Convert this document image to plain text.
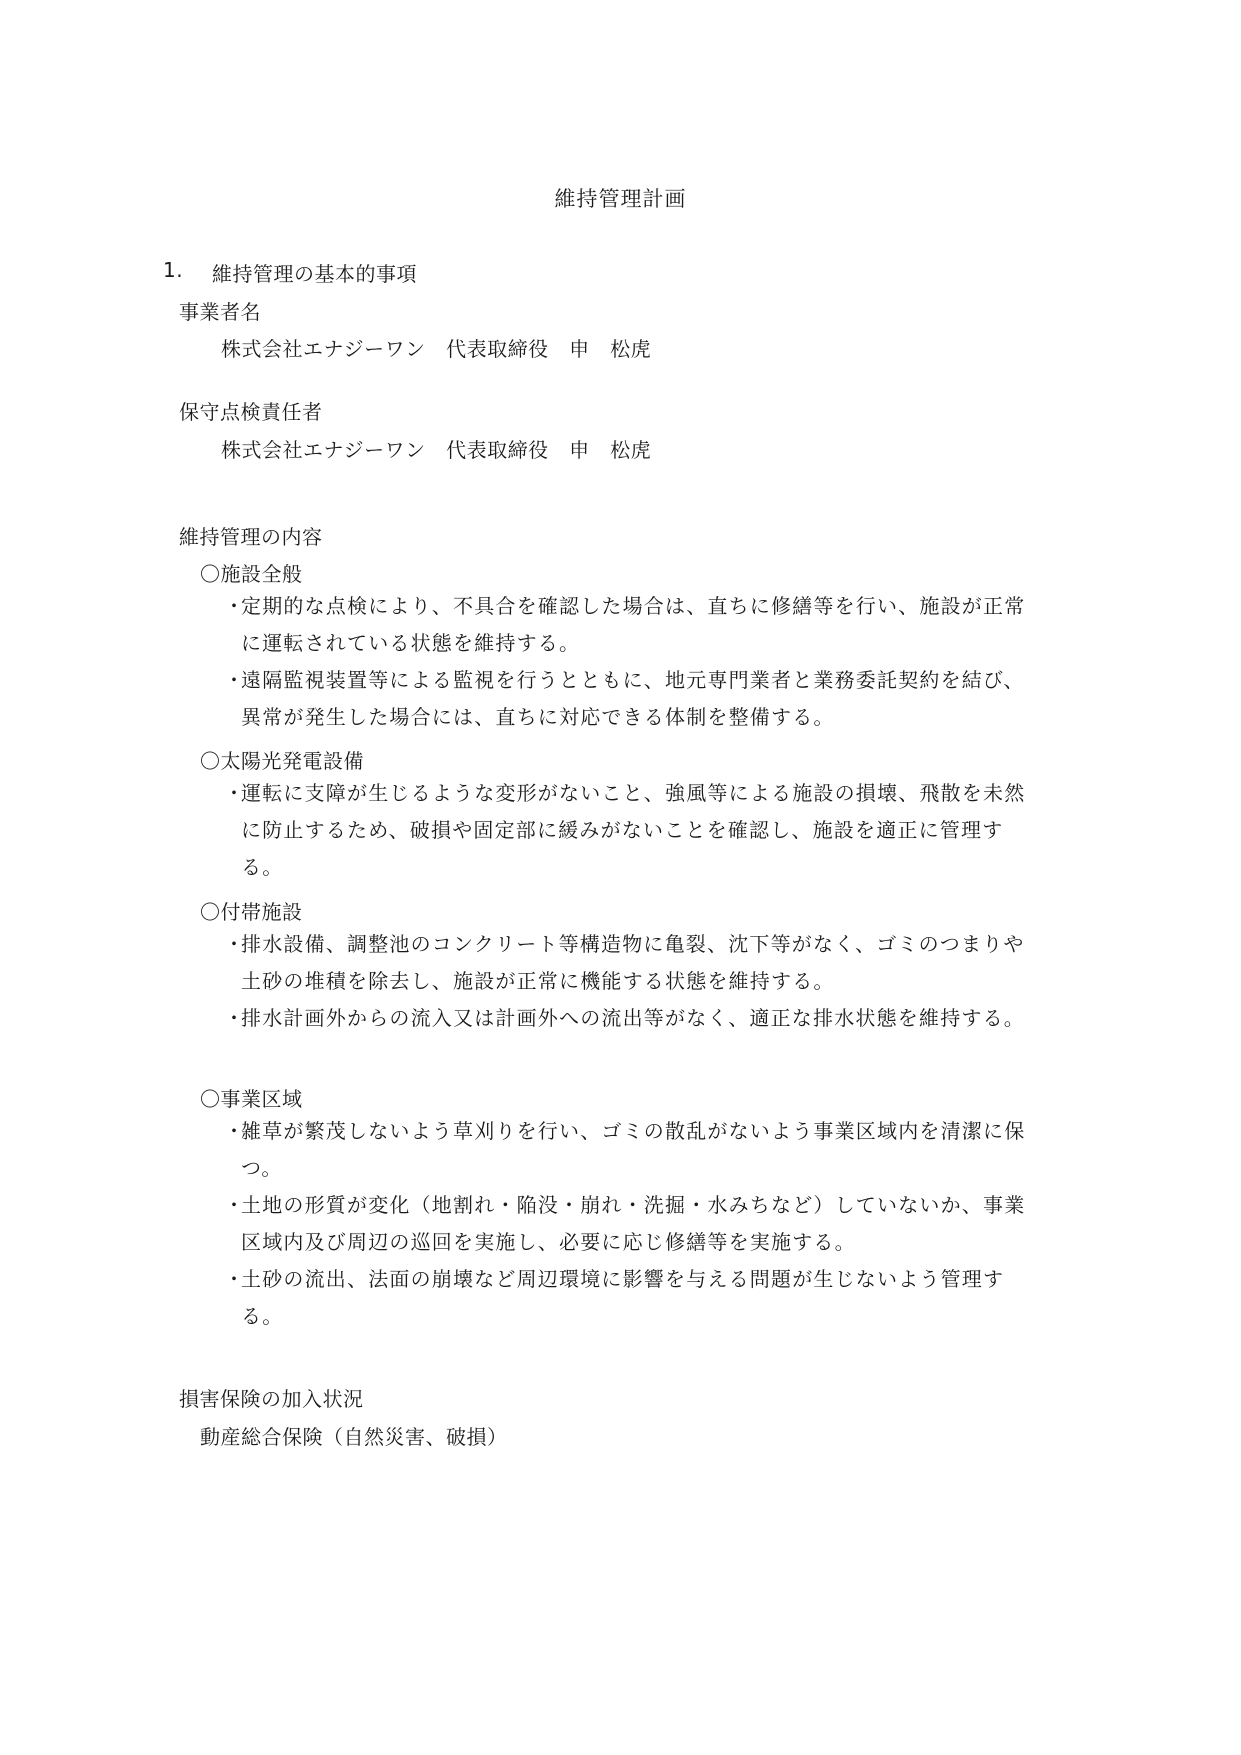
維持管理計画
1. 維持管理の基本的事項
事業者名
株式会社エナジーワン　代表取締役　申　松虎
保守点検責任者
株式会社エナジーワン　代表取締役　申　松虎
維持管理の内容
〇施設全般
・
定期的な点検により、不具合を確認した場合は、直ちに修繕等を行い、施設が正常に運転されている状態を維持する。
・
遠隔監視装置等による監視を行うとともに、地元専門業者と業務委託契約を結び、異常が発生した場合には、直ちに対応できる体制を整備する。
〇太陽光発電設備
・
運転に支障が生じるような変形がないこと、強風等による施設の損壊、飛散を未然に防止するため、破損や固定部に緩みがないことを確認し、施設を適正に管理する。
〇付帯施設
・
排水設備、調整池のコンクリート等構造物に亀裂、沈下等がなく、ゴミのつまりや土砂の堆積を除去し、施設が正常に機能する状態を維持する。
・
排水計画外からの流入又は計画外への流出等がなく、適正な排水状態を維持する。
〇事業区域
・
雑草が繁茂しないよう草刈りを行い、ゴミの散乱がないよう事業区域内を清潔に保つ。
・
土地の形質が変化（地割れ・陥没・崩れ・洗掘・水みちなど）していないか、事業区域内及び周辺の巡回を実施し、必要に応じ修繕等を実施する。
・
土砂の流出、法面の崩壊など周辺環境に影響を与える問題が生じないよう管理する。
損害保険の加入状況
動産総合保険（自然災害、破損）
